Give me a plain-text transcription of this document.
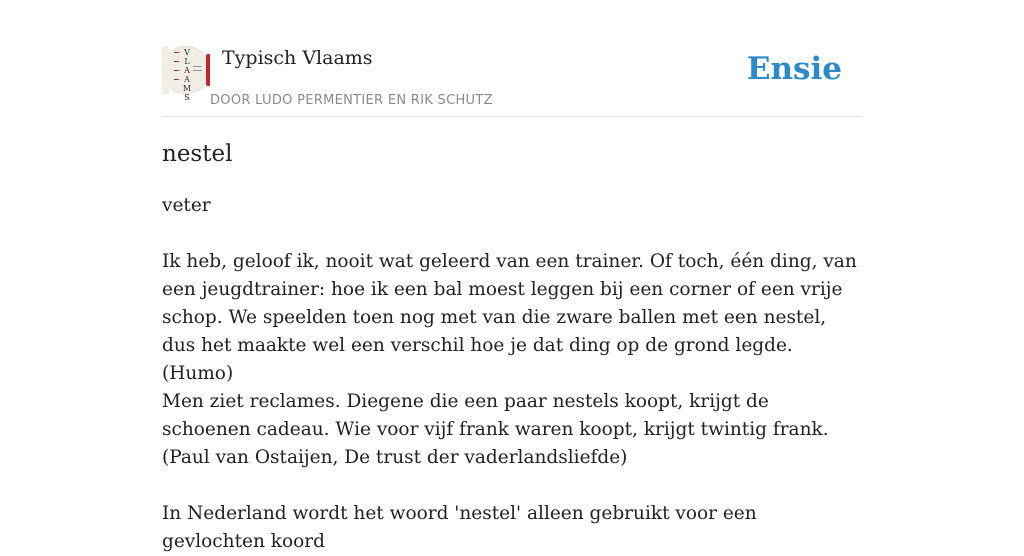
V
L
A
A
M
S
Typisch Vlaams
DOOR LUDO PERMENTIER EN RIK SCHUTZ
Ensie
nestel

veter

Ik heb, geloof ik, nooit wat geleerd van een trainer. Of toch, één ding, van een jeugdtrainer: hoe ik een bal moest leggen bij een corner of een vrije schop. We speelden toen nog met van die zware ballen met een nestel, dus het maakte wel een verschil hoe je dat ding op de grond legde.

(Humo)

Men ziet reclames. Diegene die een paar nestels koopt, krijgt de schoenen cadeau. Wie voor vijf frank waren koopt, krijgt twintig frank.

(Paul van Ostaijen, De trust der vaderlandsliefde)

In Nederland wordt het woord 'nestel' alleen gebruikt voor een gevlochten koord
